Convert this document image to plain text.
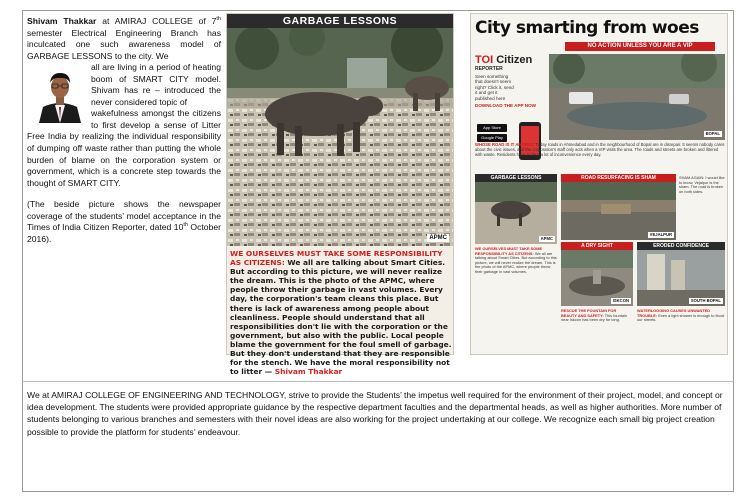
Shivam Thakkar at AMIRAJ COLLEGE of 7th semester Electrical Engineering Branch has inculcated one such awareness model of GARBAGE LESSONS to the city. We

all are living in a period of heating boom of SMART CITY model. Shivam has re – introduced the never considered topic of

wakefulness amongst the citizens to first develop a sense of Litter Free India by realizing the individual responsibility of dumping off waste rather than putting the whole burden of blame on the corporation system or government, which is a concrete step towards the thought of SMART CITY.

(The beside picture shows the newspaper coverage of the students’ model acceptance in the Times of India Citizen Reporter, dated 10th October 2016).

GARBAGE LESSONS
APMC
WE OURSELVES MUST TAKE SOME RESPONSIBILITY AS CITIZENS: We all are talking about Smart Cities. But according to this picture, we will never realize the dream. This is the photo of the APMC, where people throw their garbage in vast volumes. Every day, the corporation's team cleans this place. But there is lack of awareness among people about cleanliness. People should understand that all responsibilities don't lie with the corporation or the government, but also with the public. Local people blame the government for the foul smell of garbage. But they don't understand that they are responsible for the stench. We have the moral responsibility not to litter — Shivam Thakkar
City smarting from woes
NO ACTION UNLESS YOU ARE A VIP
TOI Citizen
REPORTER
Seen something that doesn't seem right? Click it, send it and get it published here
DOWNLOAD THE APP NOW
App Store
Google Play
BOPAL
WHOSE ROAD IS IT ANYWAY: Today roads in Ahmedabad and in the neighbourhood of Bopal are in disrepair. It seems nobody cares about the civic issues, and the corporation's staff only acts when a VIP visits the area. The roads and streets are broken and littered with waste. Residents have to face a lot of inconvenience every day.
GARBAGE LESSONS
APMC
WE OURSELVES MUST TAKE SOME RESPONSIBILITY AS CITIZENS: We all are talking about Smart Cities. But according to this picture, we will never realize the dream. This is the photo of the APMC, where people throw their garbage in vast volumes.
ROAD RESURFACING IS SHAM
VEJALPUR
SHAM AGAIN: I would like to know, Vejalpur is the sham. The road is broken on both sides.
A DRY SIGHT
ISKCON
RESCUE THE FOUNTAIN FOR BEAUTY AND SAFETY: This fountain near Iskcon has been dry for long.
ERODED CONFIDENCE
SOUTH BOPAL
WATERLOGGING CAUSES UNWANTED TROUBLE: Even a light shower is enough to flood our streets.
We at AMIRAJ COLLEGE OF ENGINEERING AND TECHNOLOGY, strive to provide the Students’ the impetus well required for the environment of their project, model, and concept or idea development. The students were provided appropriate guidance by the respective department faculties and the departmental heads, as well as higher authorities. More number of students belonging to various branches and semesters with their novel ideas are also working for the project undertaking at our college. We recognize each small big project creation possible to provide the platform for students’ endeavour.
